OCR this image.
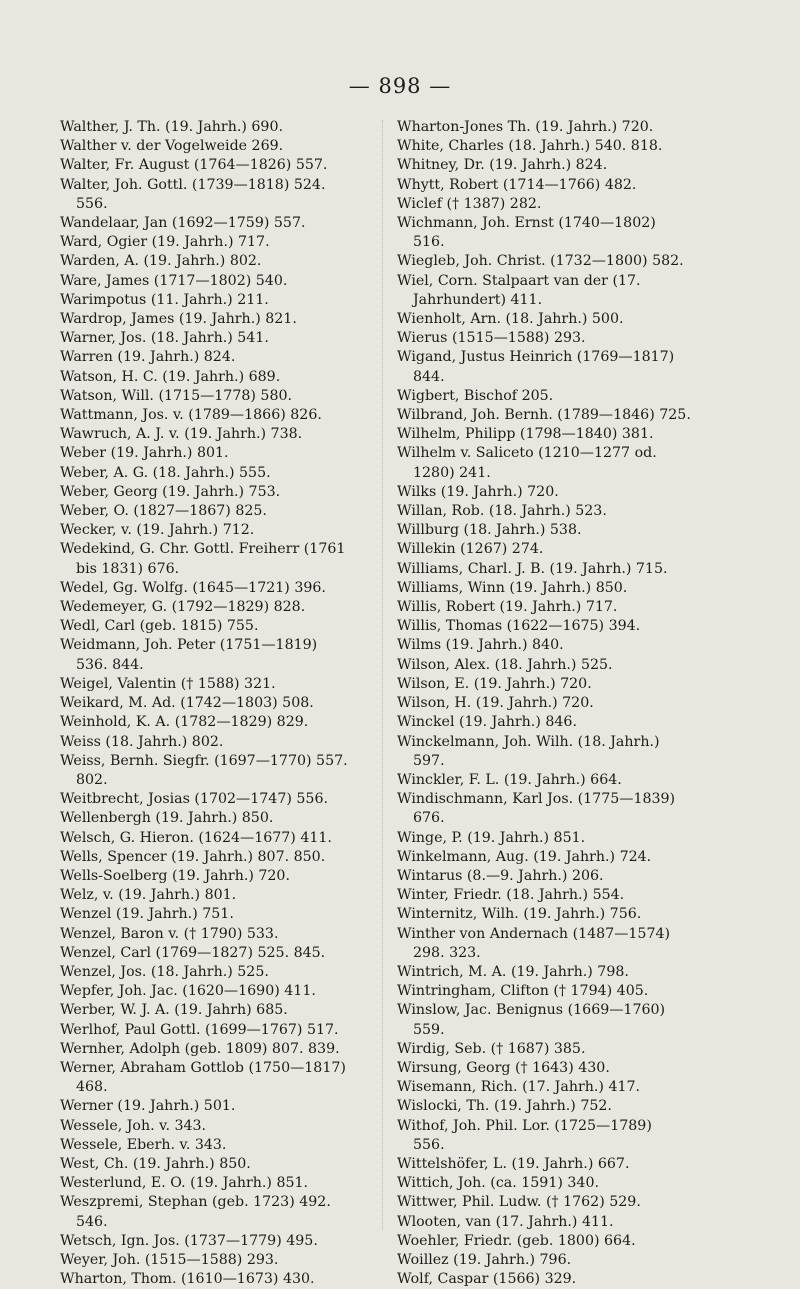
— 898 —
Walther, J. Th. (19. Jahrh.) 690.
Walther v. der Vogelweide 269.
Walter, Fr. August (1764—1826) 557.
Walter, Joh. Gottl. (1739—1818) 524.
556.
Wandelaar, Jan (1692—1759) 557.
Ward, Ogier (19. Jahrh.) 717.
Warden, A. (19. Jahrh.) 802.
Ware, James (1717—1802) 540.
Warimpotus (11. Jahrh.) 211.
Wardrop, James (19. Jahrh.) 821.
Warner, Jos. (18. Jahrh.) 541.
Warren (19. Jahrh.) 824.
Watson, H. C. (19. Jahrh.) 689.
Watson, Will. (1715—1778) 580.
Wattmann, Jos. v. (1789—1866) 826.
Wawruch, A. J. v. (19. Jahrh.) 738.
Weber (19. Jahrh.) 801.
Weber, A. G. (18. Jahrh.) 555.
Weber, Georg (19. Jahrh.) 753.
Weber, O. (1827—1867) 825.
Wecker, v. (19. Jahrh.) 712.
Wedekind, G. Chr. Gottl. Freiherr (1761
bis 1831) 676.
Wedel, Gg. Wolfg. (1645—1721) 396.
Wedemeyer, G. (1792—1829) 828.
Wedl, Carl (geb. 1815) 755.
Weidmann, Joh. Peter (1751—1819)
536. 844.
Weigel, Valentin († 1588) 321.
Weikard, M. Ad. (1742—1803) 508.
Weinhold, K. A. (1782—1829) 829.
Weiss (18. Jahrh.) 802.
Weiss, Bernh. Siegfr. (1697—1770) 557.
802.
Weitbrecht, Josias (1702—1747) 556.
Wellenbergh (19. Jahrh.) 850.
Welsch, G. Hieron. (1624—1677) 411.
Wells, Spencer (19. Jahrh.) 807. 850.
Wells-Soelberg (19. Jahrh.) 720.
Welz, v. (19. Jahrh.) 801.
Wenzel (19. Jahrh.) 751.
Wenzel, Baron v. († 1790) 533.
Wenzel, Carl (1769—1827) 525. 845.
Wenzel, Jos. (18. Jahrh.) 525.
Wepfer, Joh. Jac. (1620—1690) 411.
Werber, W. J. A. (19. Jahrh) 685.
Werlhof, Paul Gottl. (1699—1767) 517.
Wernher, Adolph (geb. 1809) 807. 839.
Werner, Abraham Gottlob (1750—1817)
468.
Werner (19. Jahrh.) 501.
Wessele, Joh. v. 343.
Wessele, Eberh. v. 343.
West, Ch. (19. Jahrh.) 850.
Westerlund, E. O. (19. Jahrh.) 851.
Weszpremi, Stephan (geb. 1723) 492.
546.
Wetsch, Ign. Jos. (1737—1779) 495.
Weyer, Joh. (1515—1588) 293.
Wharton, Thom. (1610—1673) 430.
Wharton-Jones Th. (19. Jahrh.) 720.
White, Charles (18. Jahrh.) 540. 818.
Whitney, Dr. (19. Jahrh.) 824.
Whytt, Robert (1714—1766) 482.
Wiclef († 1387) 282.
Wichmann, Joh. Ernst (1740—1802)
516.
Wiegleb, Joh. Christ. (1732—1800) 582.
Wiel, Corn. Stalpaart van der (17.
Jahrhundert) 411.
Wienholt, Arn. (18. Jahrh.) 500.
Wierus (1515—1588) 293.
Wigand, Justus Heinrich (1769—1817)
844.
Wigbert, Bischof 205.
Wilbrand, Joh. Bernh. (1789—1846) 725.
Wilhelm, Philipp (1798—1840) 381.
Wilhelm v. Saliceto (1210—1277 od.
1280) 241.
Wilks (19. Jahrh.) 720.
Willan, Rob. (18. Jahrh.) 523.
Willburg (18. Jahrh.) 538.
Willekin (1267) 274.
Williams, Charl. J. B. (19. Jahrh.) 715.
Williams, Winn (19. Jahrh.) 850.
Willis, Robert (19. Jahrh.) 717.
Willis, Thomas (1622—1675) 394.
Wilms (19. Jahrh.) 840.
Wilson, Alex. (18. Jahrh.) 525.
Wilson, E. (19. Jahrh.) 720.
Wilson, H. (19. Jahrh.) 720.
Winckel (19. Jahrh.) 846.
Winckelmann, Joh. Wilh. (18. Jahrh.)
597.
Winckler, F. L. (19. Jahrh.) 664.
Windischmann, Karl Jos. (1775—1839)
676.
Winge, P. (19. Jahrh.) 851.
Winkelmann, Aug. (19. Jahrh.) 724.
Wintarus (8.—9. Jahrh.) 206.
Winter, Friedr. (18. Jahrh.) 554.
Winternitz, Wilh. (19. Jahrh.) 756.
Winther von Andernach (1487—1574)
298. 323.
Wintrich, M. A. (19. Jahrh.) 798.
Wintringham, Clifton († 1794) 405.
Winslow, Jac. Benignus (1669—1760)
559.
Wirdig, Seb. († 1687) 385.
Wirsung, Georg († 1643) 430.
Wisemann, Rich. (17. Jahrh.) 417.
Wislocki, Th. (19. Jahrh.) 752.
Withof, Joh. Phil. Lor. (1725—1789)
556.
Wittelshöfer, L. (19. Jahrh.) 667.
Wittich, Joh. (ca. 1591) 340.
Wittwer, Phil. Ludw. († 1762) 529.
Wlooten, van (17. Jahrh.) 411.
Woehler, Friedr. (geb. 1800) 664.
Woillez (19. Jahrh.) 796.
Wolf, Caspar (1566) 329.
